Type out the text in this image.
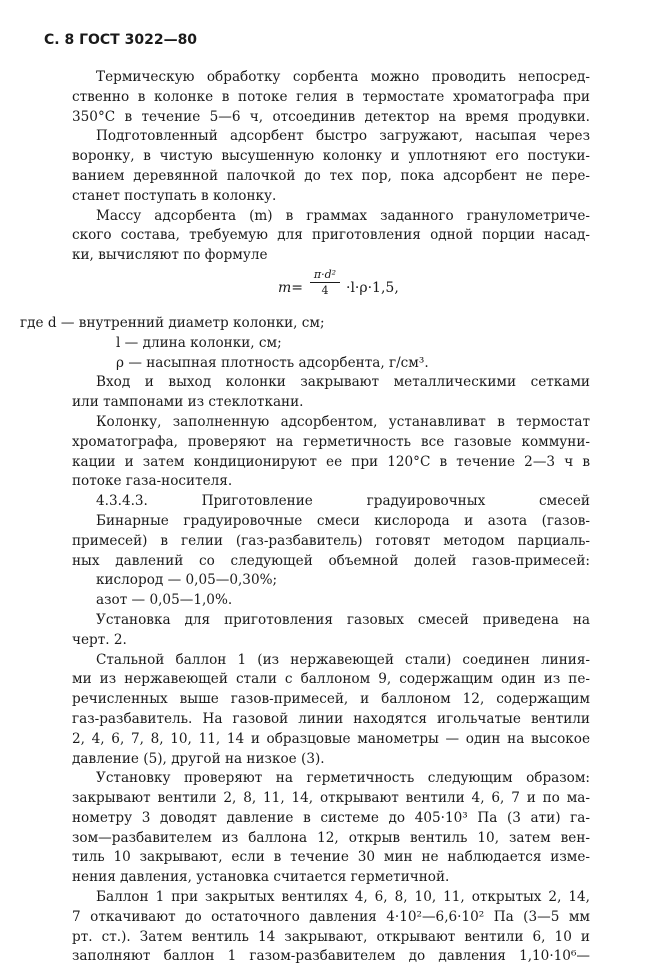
С. 8 ГОСТ 3022—80

Термическую обработку сорбента можно проводить непосред-

ственно в колонке в потоке гелия в термостате хроматографа при

350°С в течение 5—6 ч, отсоединив детектор на время продувки.

Подготовленный адсорбент быстро загружают, насыпая через

воронку, в чистую высушенную колонку и уплотняют его постуки-

ванием деревянной палочкой до тех пор, пока адсорбент не пере-

станет поступать в колонку.

Массу адсорбента (m) в граммах заданного гранулометриче-

ского состава, требуемую для приготовления одной порции насад-

ки, вычисляют по формуле

$m= \frac{\text{π·d²}}{4} \cdot l\cdot\rho\cdot 1,5$,

где d — внутренний диаметр колонки, см;

l — длина колонки, см;

ρ — насыпная плотность адсорбента, г/см³.

Вход и выход колонки закрывают металлическими сетками

или тампонами из стеклоткани.

Колонку, заполненную адсорбентом, устанавливат в термостат

хроматографа, проверяют на герметичность все газовые коммуни-

кации и затем кондиционируют ее при 120°С в течение 2—3 ч в

потоке газа-носителя.

4.3.4.3. Приготовление градуировочных смесей

Бинарные градуировочные смеси кислорода и азота (газов-

примесей) в гелии (газ-разбавитель) готовят методом парциаль-

ных давлений со следующей объемной долей газов-примесей:

кислород — 0,05—0,30%;

азот — 0,05—1,0%.

Установка для приготовления газовых смесей приведена на

черт. 2.

Стальной баллон 1 (из нержавеющей стали) соединен линия-

ми из нержавеющей стали с баллоном 9, содержащим один из пе-

речисленных выше газов-примесей, и баллоном 12, содержащим

газ-разбавитель. На газовой линии находятся игольчатые вентили

2, 4, 6, 7, 8, 10, 11, 14 и образцовые манометры — один на высокое

давление (5), другой на низкое (3).

Установку проверяют на герметичность следующим образом:

закрывают вентили 2, 8, 11, 14, открывают вентили 4, 6, 7 и по ма-

нометру 3 доводят давление в системе до 405·10³ Па (3 ати) га-

зом—разбавителем из баллона 12, открыв вентиль 10, затем вен-

тиль 10 закрывают, если в течение 30 мин не наблюдается изме-

нения давления, установка считается герметичной.

Баллон 1 при закрытых вентилях 4, 6, 8, 10, 11, открытых 2, 14,

7 откачивают до остаточного давления 4·10²—6,6·10² Па (3—5 мм

рт. ст.). Затем вентиль 14 закрывают, открывают вентили 6, 10 и

заполняют баллон 1 газом-разбавителем до давления 1,10·10⁶—
